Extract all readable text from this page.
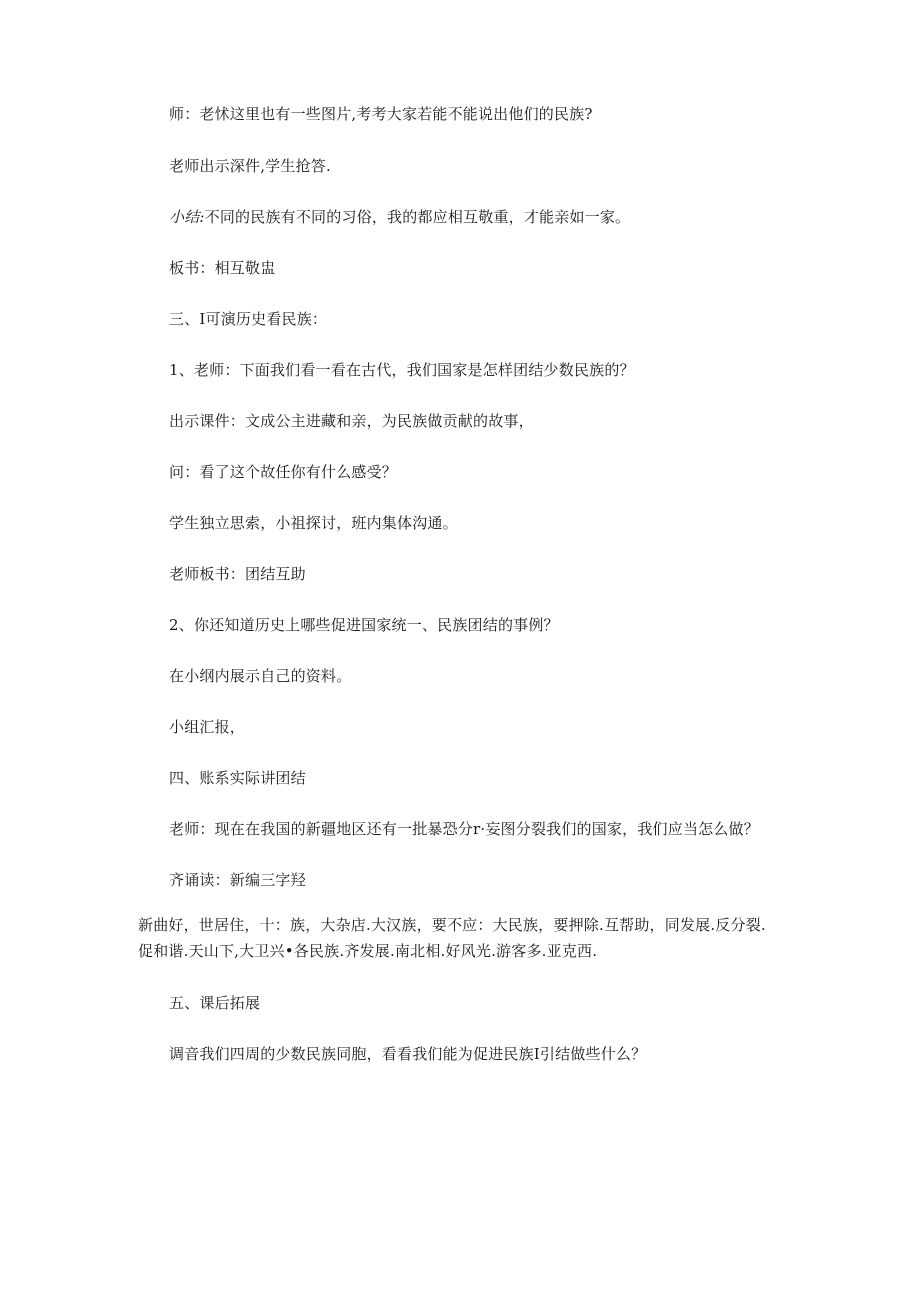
师：老怵这里也有一些图片,考考大家若能不能说出他们的民族?
老师出示深件,学生抢答.
小结:不同的民族有不同的习俗，我的都应相互敬重，才能亲如一家。
板书：相互敬盅
三、I可演历史看民族：
1、老师：下面我们看一看在古代，我们国家是怎样团结少数民族的？
出示课件：文成公主进藏和亲，为民族做贡献的故事，
问：看了这个故任你有什么感受？
学生独立思索，小祖探讨，班内集体沟通。
老师板书：团结互助
2、你还知道历史上哪些促进国家统一、民族团结的事例？
在小纲内展示自己的资料。
小组汇报，
四、账系实际讲团结
老师：现在在我国的新疆地区还有一批暴恐分r·妄图分裂我们的国家，我们应当怎么做？
齐诵读：新编三字羟
新曲好，世居住，十：族，大杂店.大汉族，要不应：大民族，要押除.互帮助，同发展.反分裂.促和谐.天山下,大卫兴•各民族.齐发展.南北相.好风光.游客多.亚克西.
五、课后拓展
调音我们四周的少数民族同胞，看看我们能为促进民族I引结做些什么？
